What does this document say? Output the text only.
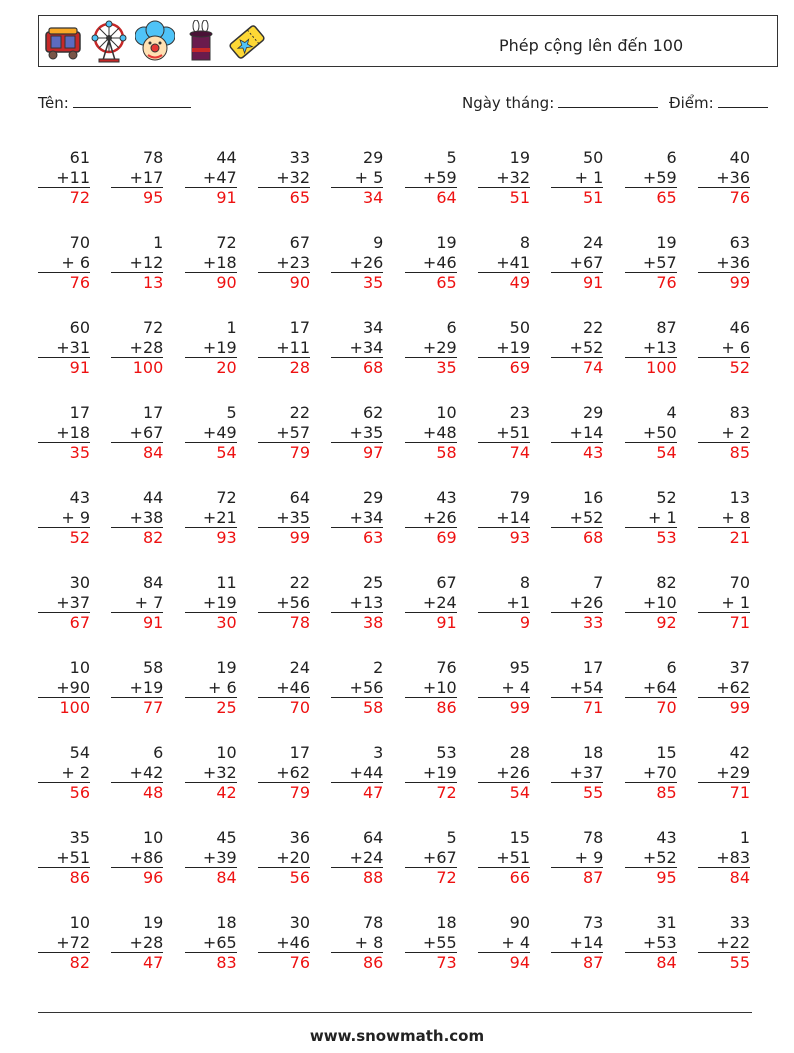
Phép cộng lên đến 100
Tên:	Ngày tháng:	Điểm:
61
+11
72
78
+17
95
44
+47
91
33
+32
65
29
+ 5
34
5
+59
64
19
+32
51
50
+ 1
51
6
+59
65
40
+36
76
70
+ 6
76
1
+12
13
72
+18
90
67
+23
90
9
+26
35
19
+46
65
8
+41
49
24
+67
91
19
+57
76
63
+36
99
60
+31
91
72
+28
100
1
+19
20
17
+11
28
34
+34
68
6
+29
35
50
+19
69
22
+52
74
87
+13
100
46
+ 6
52
17
+18
35
17
+67
84
5
+49
54
22
+57
79
62
+35
97
10
+48
58
23
+51
74
29
+14
43
4
+50
54
83
+ 2
85
43
+ 9
52
44
+38
82
72
+21
93
64
+35
99
29
+34
63
43
+26
69
79
+14
93
16
+52
68
52
+ 1
53
13
+ 8
21
30
+37
67
84
+ 7
91
11
+19
30
22
+56
78
25
+13
38
67
+24
91
8
+1
9
7
+26
33
82
+10
92
70
+ 1
71
10
+90
100
58
+19
77
19
+ 6
25
24
+46
70
2
+56
58
76
+10
86
95
+ 4
99
17
+54
71
6
+64
70
37
+62
99
54
+ 2
56
6
+42
48
10
+32
42
17
+62
79
3
+44
47
53
+19
72
28
+26
54
18
+37
55
15
+70
85
42
+29
71
35
+51
86
10
+86
96
45
+39
84
36
+20
56
64
+24
88
5
+67
72
15
+51
66
78
+ 9
87
43
+52
95
1
+83
84
10
+72
82
19
+28
47
18
+65
83
30
+46
76
78
+ 8
86
18
+55
73
90
+ 4
94
73
+14
87
31
+53
84
33
+22
55
www.snowmath.com
